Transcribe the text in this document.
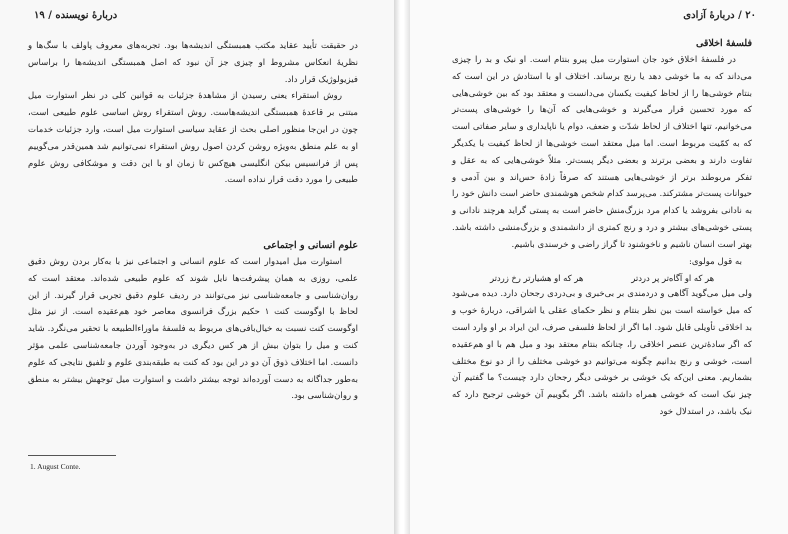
دربارهٔ نویسنده / ۱۹

در حقیقت تأیید عقاید مکتب همبستگی اندیشه‌ها بود. تجربه‌های معروف پاولف با سگ‌ها و نظریهٔ انعکاس مشروط او چیزی جز آن نبود که اصل همبستگی اندیشه‌ها را براساس فیزیولوژیک قرار داد.

روش استقراء یعنی رسیدن از مشاهدهٔ جزئیات به قوانین کلی در نظر استوارت میل مبتنی بر قاعدهٔ همبستگی اندیشه‌هاست. روش استقراء روش اساسی علوم طبیعی است، چون در این‌جا منظور اصلی بحث از عقاید سیاسی استوارت میل است، وارد جزئیات خدمات او به علم منطق به‌ویژه روشن کردن اصول روش استقراء نمی‌توانیم شد همین‌قدر می‌گوییم پس از فرانسیس بیکن انگلیسی هیچ‌کس تا زمان او با این دقت و موشکافی روش علوم طبیعی را مورد دقت قرار نداده است.

علوم انسانی و اجتماعی

استوارت میل امیدوار است که علوم انسانی و اجتماعی نیز با به‌کار بردن روش دقیق علمی، روزی به همان پیشرفت‌ها نایل شوند که علوم طبیعی شده‌اند. معتقد است که روان‌شناسی و جامعه‌شناسی نیز می‌توانند در ردیف علوم دقیق تجربی قرار گیرند. از این لحاظ با اوگوست کنت ۱ حکیم بزرگ فرانسوی معاصر خود هم‌عقیده است. از نیز مثل اوگوست کنت نسبت به خیال‌بافی‌های مربوط به فلسفهٔ ماوراءالطبیعه با تحقیر می‌نگرد. شاید کنت و میل را بتوان بیش از هر کس دیگری در به‌وجود آوردن جامعه‌شناسی علمی مؤثر دانست. اما اختلاف ذوق آن دو در این بود که کنت به طبقه‌بندی علوم و تلفیق نتایجی که علوم به‌طور جداگانه به دست آورده‌اند توجه بیشتر داشت و استوارت میل توجهش بیشتر به منطق و روان‌شناسی بود.

1. August Conte.
۲۰ / دربارهٔ آزادی

فلسفهٔ اخلاقی

در فلسفهٔ اخلاق خود جان استوارت میل پیرو بنتام است. او نیک و بد را چیزی می‌داند که به ما خوشی دهد یا رنج برساند. اختلاف او با استادش در این است که بنتام خوشی‌ها را از لحاظ کیفیت یکسان می‌دانست و معتقد بود که بین خوشی‌هایی که مورد تحسین قرار می‌گیرند و خوشی‌هایی که آن‌ها را خوشی‌های پست‌تر می‌خوانیم، تنها اختلاف از لحاظ شدّت و ضعف، دوام یا ناپایداری و سایر صفاتی است که به کمّیت مربوط است. اما میل معتقد است خوشی‌ها از لحاظ کیفیت با یکدیگر تفاوت دارند و بعضی برترند و بعضی دیگر پست‌تر. مثلاً خوشی‌هایی که به عقل و تفکر مربوطند برتر از خوشی‌هایی هستند که صرفاً زادهٔ حس‌اند و بین آدمی و حیوانات پست‌تر مشترکند. می‌پرسد کدام شخص هوشمندی حاضر است دانش خود را به نادانی بفروشد یا کدام مرد بزرگ‌منش حاضر است به پستی گراید هرچند نادانی و پستی خوشی‌های بیشتر و درد و رنج کمتری از دانشمندی و بزرگ‌منشی داشته باشد. بهتر است انسان ناشیم و ناخوشنود تا گراز راضی و خرسندی باشیم.

به قول مولوی:

هر که او آگاه‌تر پر دردتر
هر که او هشیارتر رخ زردتر

ولی میل می‌گوید آگاهی و دردمندی بر بی‌خبری و بی‌دردی رجحان دارد. دیده می‌شود که میل خواسته است بین نظر بنتام و نظر حکمای عقلی یا اشراقی، دربارهٔ خوب و بد اخلاقی تأویلی قایل شود. اما اگر از لحاظ فلسفی صرف، این ایراد بر او وارد است که اگر سادهٔ‌ترین عنصر اخلاقی را، چنانکه بنتام معتقد بود و میل هم با او هم‌عقیده است، خوشی و رنج بدانیم چگونه می‌توانیم دو خوشی مختلف را از دو نوع مختلف بشماریم. معنی این‌که یک خوشی بر خوشی دیگر رجحان دارد چیست؟ ما گفتیم آن چیز نیک است که خوشی همراه داشته باشد. اگر بگوییم آن خوشی ترجیح دارد که نیک باشد، در استدلال خود
